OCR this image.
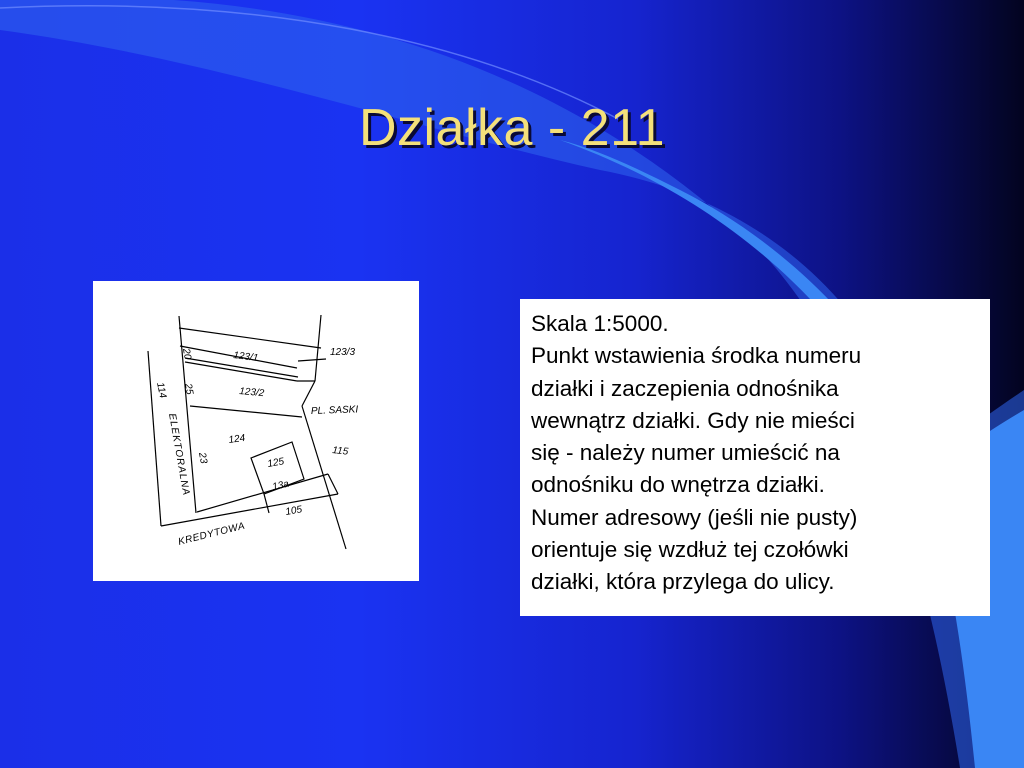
Działka - 211
20	123/1	123/3
114 25	123/2
PL. SASKI
ELEKTORALNA	124
115
23	125
13a
105
KREDYTOWA
Skala 1:5000.
Punkt wstawienia środka numeru
działki i zaczepienia odnośnika
wewnątrz działki. Gdy nie mieści
się - należy numer umieścić na
odnośniku do wnętrza działki.
Numer adresowy (jeśli nie pusty)
orientuje się wzdłuż tej czołówki
działki, która przylega do ulicy.
